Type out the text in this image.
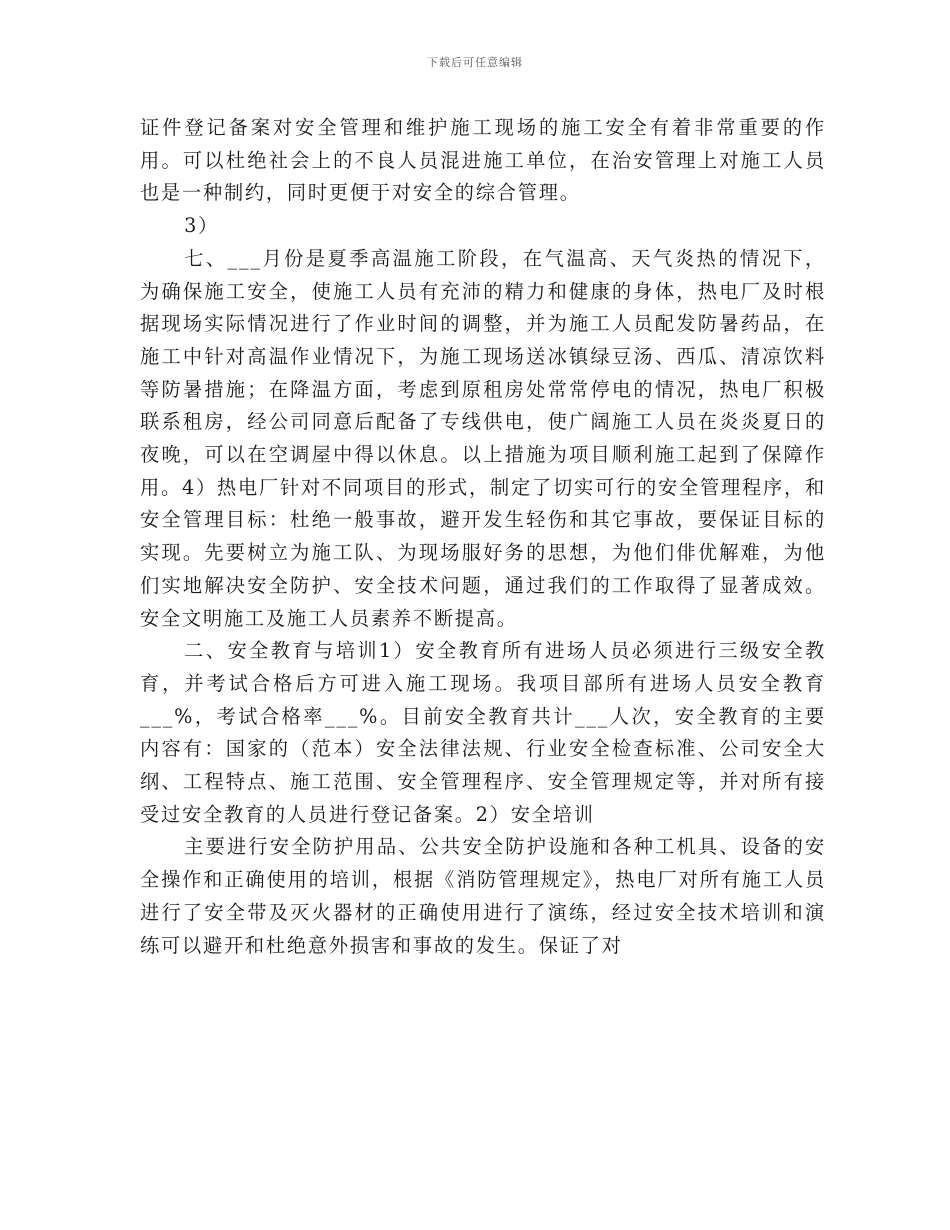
下载后可任意编辑

证件登记备案对安全管理和维护施工现场的施工安全有着非常重要的作用。可以杜绝社会上的不良人员混进施工单位，在治安管理上对施工人员也是一种制约，同时更便于对安全的综合管理。

3）

七、___月份是夏季高温施工阶段，在气温高、天气炎热的情况下，为确保施工安全，使施工人员有充沛的精力和健康的身体，热电厂及时根据现场实际情况进行了作业时间的调整，并为施工人员配发防暑药品，在施工中针对高温作业情况下，为施工现场送冰镇绿豆汤、西瓜、清凉饮料等防暑措施；在降温方面，考虑到原租房处常常停电的情况，热电厂积极联系租房，经公司同意后配备了专线供电，使广阔施工人员在炎炎夏日的夜晚，可以在空调屋中得以休息。以上措施为项目顺利施工起到了保障作用。4）热电厂针对不同项目的形式，制定了切实可行的安全管理程序，和安全管理目标：杜绝一般事故，避开发生轻伤和其它事故，要保证目标的实现。先要树立为施工队、为现场服好务的思想，为他们俳优解难，为他们实地解决安全防护、安全技术问题，通过我们的工作取得了显著成效。安全文明施工及施工人员素养不断提高。

二、安全教育与培训1）安全教育所有进场人员必须进行三级安全教育，并考试合格后方可进入施工现场。我项目部所有进场人员安全教育___%，考试合格率___%。目前安全教育共计___人次，安全教育的主要内容有：国家的（范本）安全法律法规、行业安全检查标准、公司安全大纲、工程特点、施工范围、安全管理程序、安全管理规定等，并对所有接受过安全教育的人员进行登记备案。2）安全培训

主要进行安全防护用品、公共安全防护设施和各种工机具、设备的安全操作和正确使用的培训，根据《消防管理规定》，热电厂对所有施工人员进行了安全带及灭火器材的正确使用进行了演练，经过安全技术培训和演练可以避开和杜绝意外损害和事故的发生。保证了对
